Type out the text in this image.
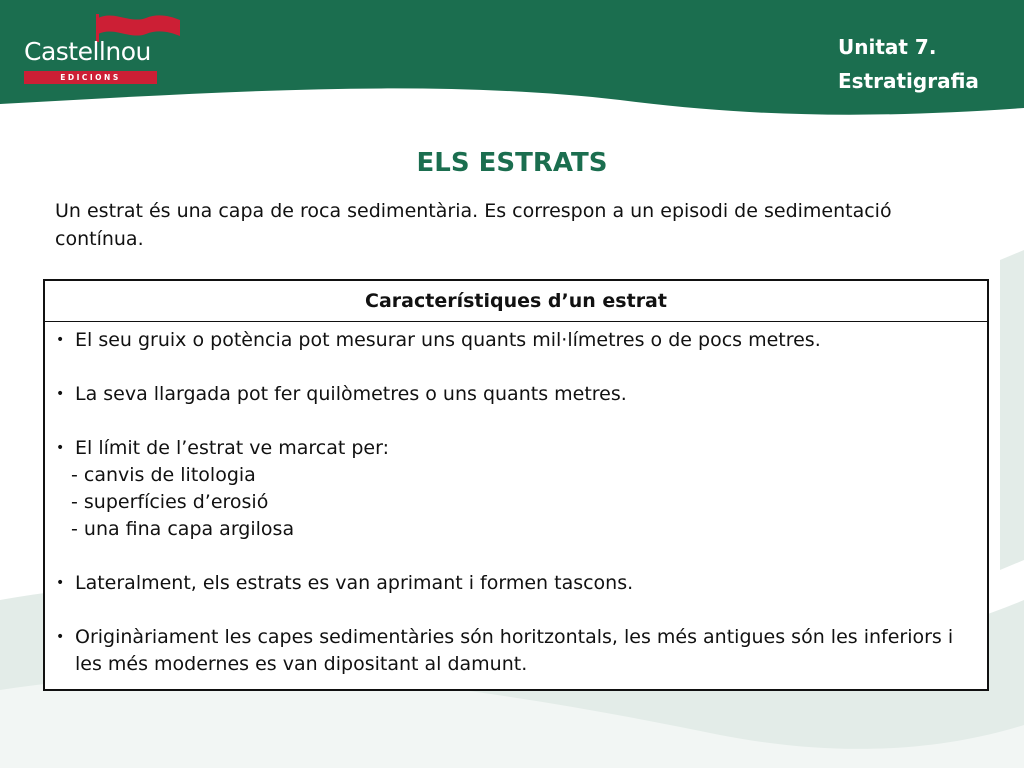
Castellnou
EDICIONS
Unitat 7.
Estratigrafia
ELS ESTRATS
Un estrat és una capa de roca sedimentària. Es correspon a un episodi de sedimentació contínua.
Característiques d’un estrat
• El seu gruix o potència pot mesurar uns quants mil·límetres o de pocs metres.
• La seva llargada pot fer quilòmetres o uns quants metres.
• El límit de l’estrat ve marcat per:
- canvis de litologia
- superfícies d’erosió
- una fina capa argilosa
• Lateralment, els estrats es van aprimant i formen tascons.
• Originàriament les capes sedimentàries són horitzontals, les més antigues són les inferiors i les més modernes es van dipositant al damunt.
